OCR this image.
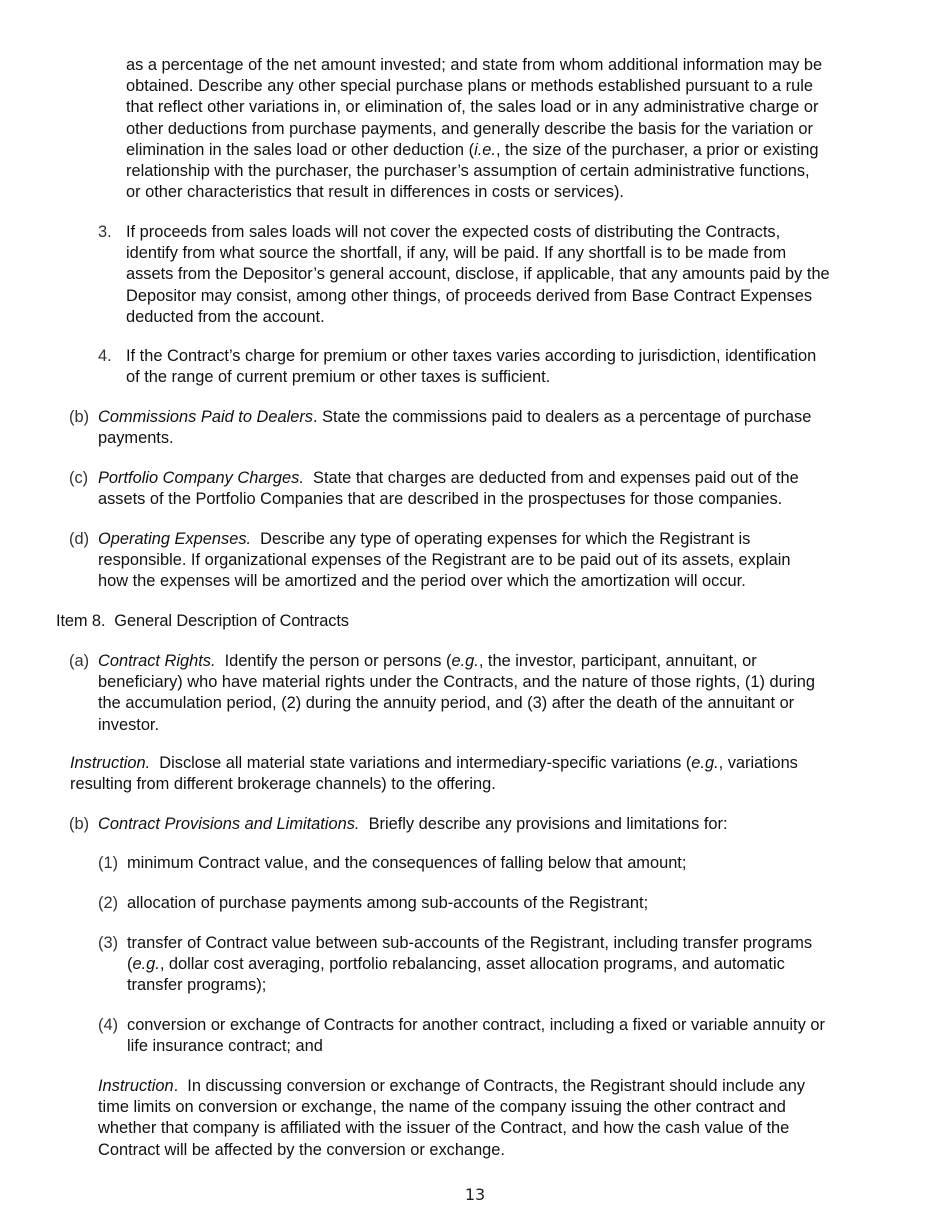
as a percentage of the net amount invested; and state from whom additional information may be
obtained. Describe any other special purchase plans or methods established pursuant to a rule
that reflect other variations in, or elimination of, the sales load or in any administrative charge or
other deductions from purchase payments, and generally describe the basis for the variation or
elimination in the sales load or other deduction (i.e., the size of the purchaser, a prior or existing
relationship with the purchaser, the purchaser’s assumption of certain administrative functions,
or other characteristics that result in differences in costs or services).
3. If proceeds from sales loads will not cover the expected costs of distributing the Contracts,
identify from what source the shortfall, if any, will be paid. If any shortfall is to be made from
assets from the Depositor’s general account, disclose, if applicable, that any amounts paid by the
Depositor may consist, among other things, of proceeds derived from Base Contract Expenses
deducted from the account.
4. If the Contract’s charge for premium or other taxes varies according to jurisdiction, identification
of the range of current premium or other taxes is sufficient.
(b) Commissions Paid to Dealers. State the commissions paid to dealers as a percentage of purchase
payments.
(c) Portfolio Company Charges.  State that charges are deducted from and expenses paid out of the
assets of the Portfolio Companies that are described in the prospectuses for those companies.
(d) Operating Expenses.  Describe any type of operating expenses for which the Registrant is
responsible. If organizational expenses of the Registrant are to be paid out of its assets, explain
how the expenses will be amortized and the period over which the amortization will occur.
Item 8.  General Description of Contracts
(a) Contract Rights.  Identify the person or persons (e.g., the investor, participant, annuitant, or
beneficiary) who have material rights under the Contracts, and the nature of those rights, (1) during
the accumulation period, (2) during the annuity period, and (3) after the death of the annuitant or
investor.
Instruction.  Disclose all material state variations and intermediary-specific variations (e.g., variations
resulting from different brokerage channels) to the offering.
(b) Contract Provisions and Limitations.  Briefly describe any provisions and limitations for:
(1) minimum Contract value, and the consequences of falling below that amount;
(2) allocation of purchase payments among sub-accounts of the Registrant;
(3) transfer of Contract value between sub-accounts of the Registrant, including transfer programs
(e.g., dollar cost averaging, portfolio rebalancing, asset allocation programs, and automatic
transfer programs);
(4) conversion or exchange of Contracts for another contract, including a fixed or variable annuity or
life insurance contract; and
Instruction.  In discussing conversion or exchange of Contracts, the Registrant should include any
time limits on conversion or exchange, the name of the company issuing the other contract and
whether that company is affiliated with the issuer of the Contract, and how the cash value of the
Contract will be affected by the conversion or exchange.
13
